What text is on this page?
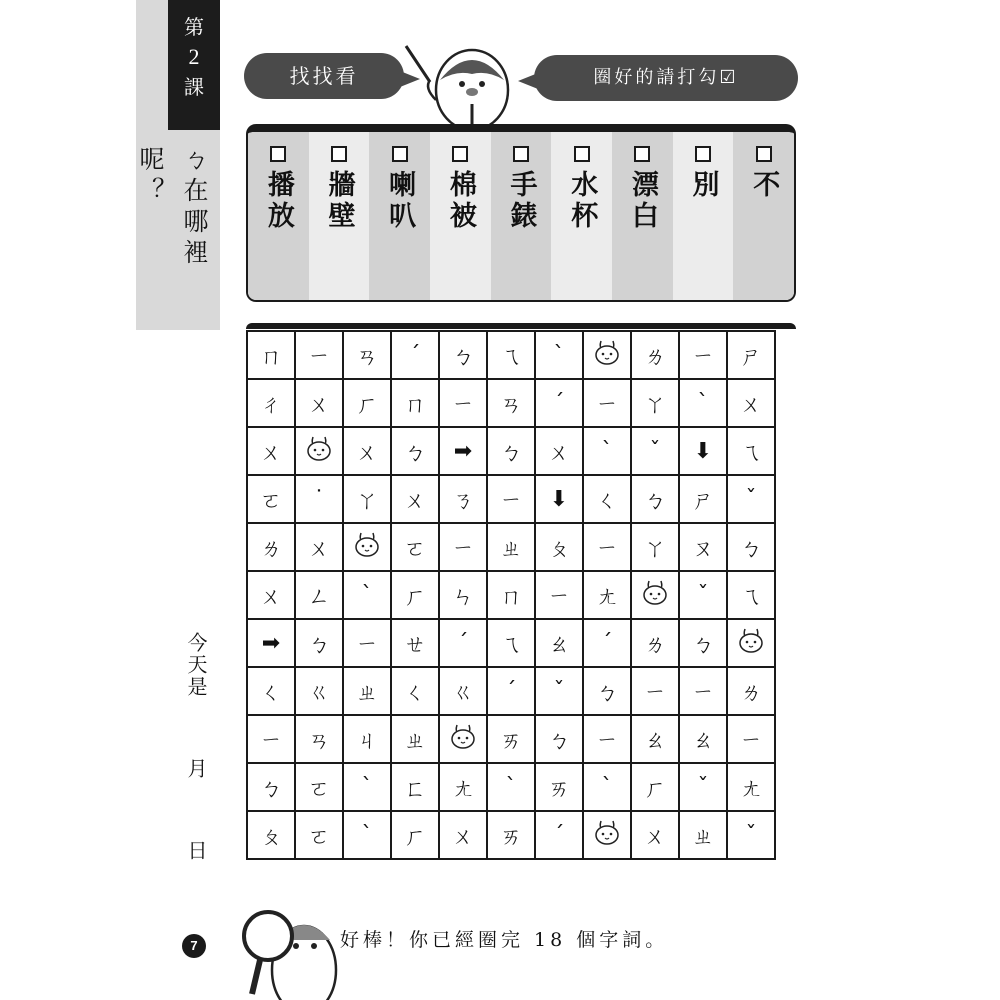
第
2
課
ㄅ在哪裡呢？
今天是月日
7
找找看	圈好的請打勾☑
播放 牆壁 喇叭 棉被 手錶 水杯 漂白 別 不
ㄇ	ㄧ	ㄢ	ˊ	ㄅ	ㄟ	ˋ		ㄌ	ㄧ	ㄕ
ㄔ	ㄨ	ㄏ	ㄇ	ㄧ	ㄢ	ˊ	ㄧ	ㄚ	ˋ	ㄨ
ㄨ		ㄨ	ㄅ	➡	ㄅ	ㄨ	ˋ	ˇ	⬇	ㄟ
ㄛ	˙	ㄚ	ㄨ	ㄋ	ㄧ	⬇	ㄑ	ㄅ	ㄕ	ˇ
ㄌ	ㄨ		ㄛ	ㄧ	ㄓ	ㄆ	ㄧ	ㄚ	ㄡ	ㄅ
ㄨ	ㄥ	ˋ	ㄏ	ㄣ	ㄇ	ㄧ	ㄤ		ˇ	ㄟ
➡	ㄅ	ㄧ	ㄝ	ˊ	ㄟ	ㄠ	ˊ	ㄌ	ㄅ	
ㄑ	ㄍ	ㄓ	ㄑ	ㄍ	ˊ	ˇ	ㄅ	ㄧ	ㄧ	ㄌ
ㄧ	ㄢ	ㄐ	ㄓ		ㄞ	ㄅ	ㄧ	ㄠ	ㄠ	ㄧ
ㄅ	ㄛ	ˋ	ㄈ	ㄤ	ˋ	ㄞ	ˋ	ㄏ	ˇ	ㄤ
ㄆ	ㄛ	ˋ	ㄏ	ㄨ	ㄞ	ˊ		ㄨ	ㄓ	ˇ
好棒！你已經圈完 18 個字詞。
